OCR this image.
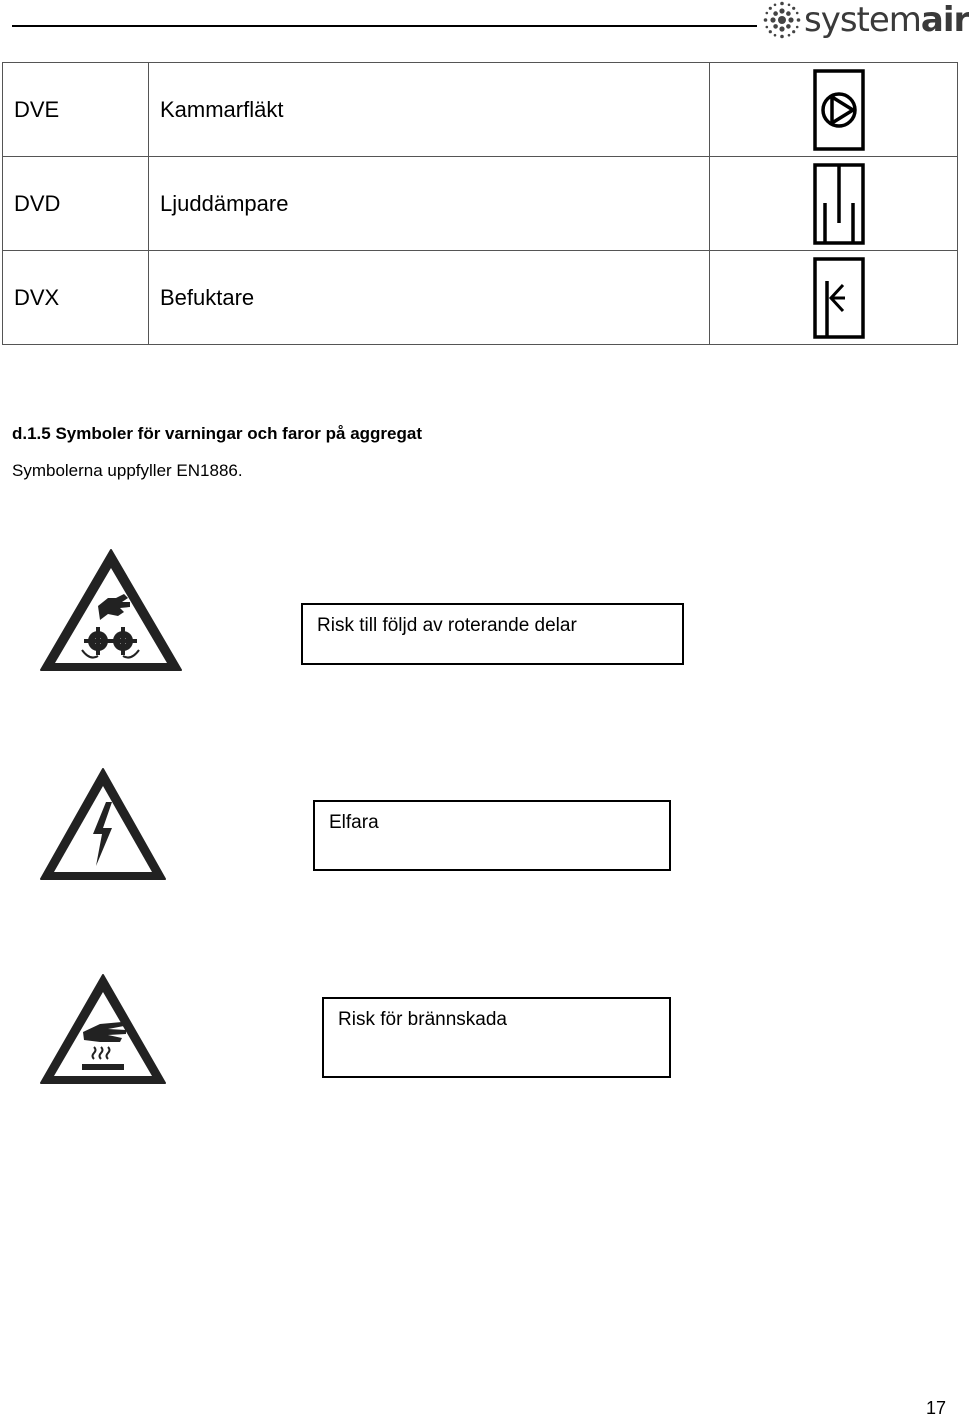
systemair
DVE	Kammarfläkt	

DVD	Ljuddämpare	

DVX	Befuktare	
d.1.5 Symboler för varningar och faror på aggregat
Symbolerna uppfyller EN1886.
Risk till följd av roterande delar
Elfara
Risk för brännskada
17
